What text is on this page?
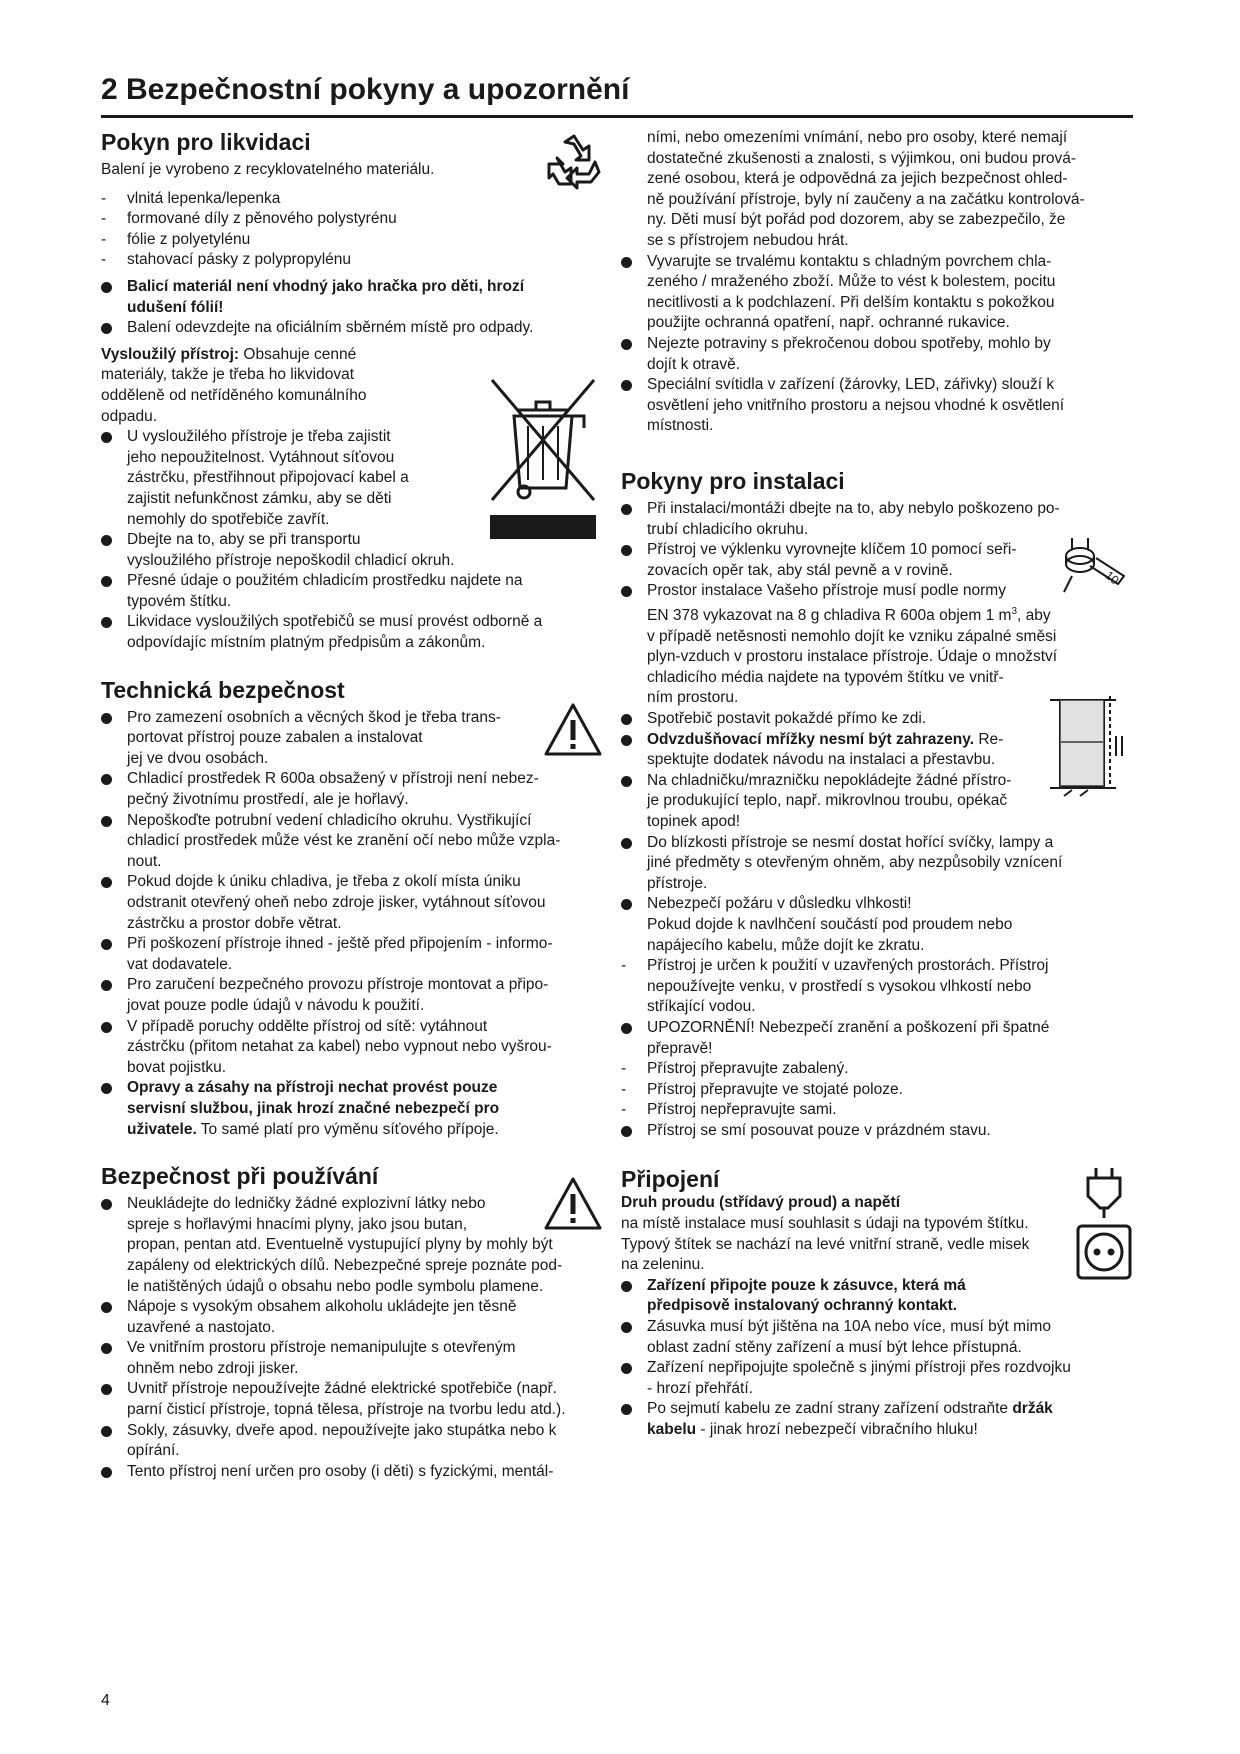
2 Bezpečnostní pokyny a upozornění
Pokyn pro likvidaci

Balení je vyrobeno z recyklovatelného materiálu.

- vlnitá lepenka/lepenka

- formované díly z pěnového polystyrénu

- fólie z polyetylénu

- stahovací pásky z polypropylénu

Balicí materiál není vhodný jako hračka pro děti, hrozí
udušení fólií!

Balení odevzdejte na oficiálním sběrném místě pro odpady.

Vysloužilý přístroj: Obsahuje cenné
materiály, takže je třeba ho likvidovat
odděleně od netříděného komunálního
odpadu.

U vysloužilého přístroje je třeba zajistit
jeho nepoužitelnost. Vytáhnout síťovou
zástrčku, přestřihnout připojovací kabel a
zajistit nefunkčnost zámku, aby se děti
nemohly do spotřebiče zavřít.

Dbejte na to, aby se při transportu
vysloužilého přístroje nepoškodil chladicí okruh.

Přesné údaje o použitém chladicím prostředku najdete na
typovém štítku.

Likvidace vysloužilých spotřebičů se musí provést odborně a
odpovídajíc místním platným předpisům a zákonům.

Technická bezpečnost

Pro zamezení osobních a věcných škod je třeba trans-
portovat přístroj pouze zabalen a instalovat
jej ve dvou osobách.

Chladicí prostředek R 600a obsažený v přístroji není nebez-
pečný životnímu prostředí, ale je hořlavý.

Nepoškoďte potrubní vedení chladicího okruhu. Vystřikující
chladicí prostředek může vést ke zranění očí nebo může vzpla-
nout.

Pokud dojde k úniku chladiva, je třeba z okolí místa úniku
odstranit otevřený oheň nebo zdroje jisker, vytáhnout síťovou
zástrčku a prostor dobře větrat.

Při poškození přístroje ihned - ještě před připojením - informo-
vat dodavatele.

Pro zaručení bezpečného provozu přístroje montovat a připo-
jovat pouze podle údajů v návodu k použití.

V případě poruchy oddělte přístroj od sítě: vytáhnout
zástrčku (přitom netahat za kabel) nebo vypnout nebo vyšrou-
bovat pojistku.

Opravy a zásahy na přístroji nechat provést pouze
servisní službou, jinak hrozí značné nebezpečí pro
uživatele. To samé platí pro výměnu síťového přípoje.

Bezpečnost při používání

Neukládejte do ledničky žádné explozivní látky nebo
spreje s hořlavými hnacími plyny, jako jsou butan,
propan, pentan atd. Eventuelně vystupující plyny by mohly být
zapáleny od elektrických dílů. Nebezpečné spreje poznáte pod-
le natištěných údajů o obsahu nebo podle symbolu plamene.

Nápoje s vysokým obsahem alkoholu ukládejte jen těsně
uzavřené a nastojato.

Ve vnitřním prostoru přístroje nemanipulujte s otevřeným
ohněm nebo zdroji jisker.

Uvnitř přístroje nepoužívejte žádné elektrické spotřebiče (např.
parní čisticí přístroje, topná tělesa, přístroje na tvorbu ledu atd.).

Sokly, zásuvky, dveře apod. nepoužívejte jako stupátka nebo k
opírání.

Tento přístroj není určen pro osoby (i děti) s fyzickými, mentál-

ními, nebo omezeními vnímání, nebo pro osoby, které nemají

dostatečné zkušenosti a znalosti, s výjimkou, oni budou prová-

zené osobou, která je odpovědná za jejich bezpečnost ohled-

ně používání přístroje, byly ní zaučeny a na začátku kontrolová-

ny. Děti musí být pořád pod dozorem, aby se zabezpečilo, že

se s přístrojem nebudou hrát.

Vyvarujte se trvalému kontaktu s chladným povrchem chla-
zeného / mraženého zboží. Může to vést k bolestem, pocitu
necitlivosti a k podchlazení. Při delším kontaktu s pokožkou
použijte ochranná opatření, např. ochranné rukavice.

Nejezte potraviny s překročenou dobou spotřeby, mohlo by
dojít k otravě.

Speciální svítidla v zařízení (žárovky, LED, zářivky) slouží k
osvětlení jeho vnitřního prostoru a nejsou vhodné k osvětlení
místnosti.

Pokyny pro instalaci

Při instalaci/montáži dbejte na to, aby nebylo poškozeno po-
trubí chladicího okruhu.

Přístroj ve výklenku vyrovnejte klíčem 10 pomocí seři-
zovacích opěr tak, aby stál pevně a v rovině.

Prostor instalace Vašeho přístroje musí podle normy
EN 378 vykazovat na 8 g chladiva R 600a objem 1 $m^3$, aby
v případě netěsnosti nemohlo dojít ke vzniku zápalné směsi
plyn-vzduch v prostoru instalace přístroje. Údaje o množství
chladicího média najdete na typovém štítku ve vnitř-
ním prostoru.

Spotřebič postavit pokaždé přímo ke zdi.

Odvzdušňovací mřížky nesmí být zahrazeny. Re-
spektujte dodatek návodu na instalaci a přestavbu.

Na chladničku/mrazničku nepokládejte žádné přístro-
je produkující teplo, např. mikrovlnou troubu, opékač
topinek apod!

Do blízkosti přístroje se nesmí dostat hořící svíčky, lampy a
jiné předměty s otevřeným ohněm, aby nezpůsobily vznícení
přístroje.

Nebezpečí požáru v důsledku vlhkosti!
Pokud dojde k navlhčení součástí pod proudem nebo
napájecího kabelu, může dojít ke zkratu.

- Přístroj je určen k použití v uzavřených prostorách. Přístroj
nepoužívejte venku, v prostředí s vysokou vlhkostí nebo
stříkající vodou.

UPOZORNĚNÍ! Nebezpečí zranění a poškození při špatné
přepravě!

- Přístroj přepravujte zabalený.

- Přístroj přepravujte ve stojaté poloze.

- Přístroj nepřepravujte sami.

Přístroj se smí posouvat pouze v prázdném stavu.

Připojení

Druh proudu (střídavý proud) a napětí

na místě instalace musí souhlasit s údaji na typovém štítku.
Typový štítek se nachází na levé vnitřní straně, vedle misek
na zeleninu.

Zařízení připojte pouze k zásuvce, která má
předpisově instalovaný ochranný kontakt.

Zásuvka musí být jištěna na 10A nebo více, musí být mimo
oblast zadní stěny zařízení a musí být lehce přístupná.

Zařízení nepřipojujte společně s jinými přístroji přes rozdvojku
- hrozí přehřátí.

Po sejmutí kabelu ze zadní strany zařízení odstraňte držák
kabelu - jinak hrozí nebezpečí vibračního hluku!

10
4
